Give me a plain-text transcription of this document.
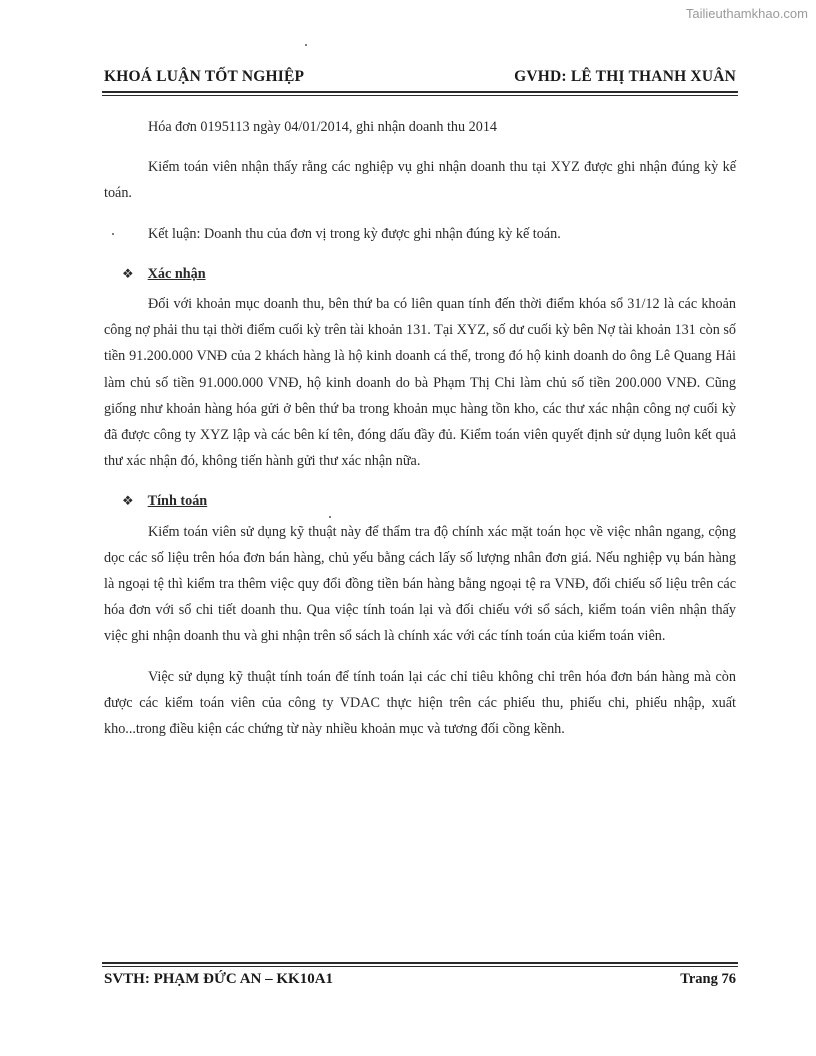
Tailieuthamkhao.com
KHOÁ LUẬN TỐT NGHIỆP	GVHD: LÊ THỊ THANH XUÂN

Hóa đơn 0195113 ngày 04/01/2014, ghi nhận doanh thu 2014

Kiểm toán viên nhận thấy rằng các nghiệp vụ ghi nhận doanh thu tại XYZ được ghi nhận đúng kỳ kế toán.

Kết luận: Doanh thu của đơn vị trong kỳ được ghi nhận đúng kỳ kế toán.

❖ Xác nhận

Đối với khoản mục doanh thu, bên thứ ba có liên quan tính đến thời điểm khóa sổ 31/12 là các khoản công nợ phải thu tại thời điểm cuối kỳ trên tài khoản 131. Tại XYZ, số dư cuối kỳ bên Nợ tài khoản 131 còn số tiền 91.200.000 VNĐ của 2 khách hàng là hộ kinh doanh cá thể, trong đó hộ kinh doanh do ông Lê Quang Hải làm chủ số tiền 91.000.000 VNĐ, hộ kinh doanh do bà Phạm Thị Chi làm chủ số tiền 200.000 VNĐ. Cũng giống như khoản hàng hóa gửi ở bên thứ ba trong khoản mục hàng tồn kho, các thư xác nhận công nợ cuối kỳ đã được công ty XYZ lập và các bên kí tên, đóng dấu đầy đủ. Kiểm toán viên quyết định sử dụng luôn kết quả thư xác nhận đó, không tiến hành gửi thư xác nhận nữa.

❖ Tính toán

Kiểm toán viên sử dụng kỹ thuật này để thẩm tra độ chính xác mặt toán học về việc nhân ngang, cộng dọc các số liệu trên hóa đơn bán hàng, chủ yếu bằng cách lấy số lượng nhân đơn giá. Nếu nghiệp vụ bán hàng là ngoại tệ thì kiểm tra thêm việc quy đổi đồng tiền bán hàng bằng ngoại tệ ra VNĐ, đối chiếu số liệu trên các hóa đơn với sổ chi tiết doanh thu. Qua việc tính toán lại và đối chiếu với sổ sách, kiểm toán viên nhận thấy việc ghi nhận doanh thu và ghi nhận trên sổ sách là chính xác với các tính toán của kiểm toán viên.

Việc sử dụng kỹ thuật tính toán để tính toán lại các chỉ tiêu không chỉ trên hóa đơn bán hàng mà còn được các kiểm toán viên của công ty VDAC thực hiện trên các phiếu thu, phiếu chi, phiếu nhập, xuất kho...trong điều kiện các chứng từ này nhiều khoản mục và tương đối cồng kềnh.

SVTH: PHẠM ĐỨC AN – KK10A1	Trang 76
